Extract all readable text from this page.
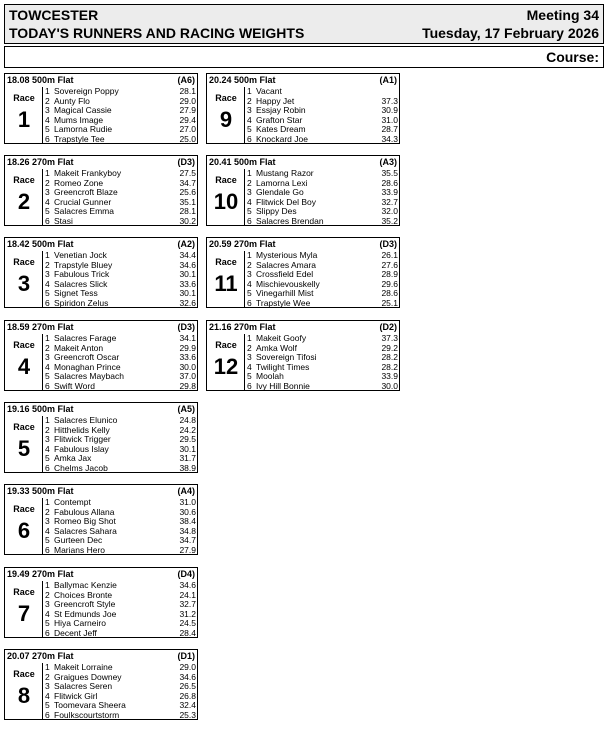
TOWCESTER
TODAY'S RUNNERS AND RACING WEIGHTS
Meeting 34
Tuesday, 17 February 2026
Course:
18.08 500m Flat	(A6)
Race
1
1 Sovereign Poppy	28.1
2 Aunty Flo	29.0
3 Magical Cassie	27.9
4 Mums Image	29.4
5 Lamorna Rudie	27.0
6 Trapstyle Tee	25.0
18.26 270m Flat	(D3)
Race
2
1 Makeit Frankyboy	27.5
2 Romeo Zone	34.7
3 Greencroft Blaze	25.6
4 Crucial Gunner	35.1
5 Salacres Emma	28.1
6 Stasi	30.2
18.42 500m Flat	(A2)
Race
3
1 Venetian Jock	34.4
2 Trapstyle Bluey	34.6
3 Fabulous Trick	30.1
4 Salacres Slick	33.6
5 Signet Tess	30.1
6 Spiridon Zelus	32.6
18.59 270m Flat	(D3)
Race
4
1 Salacres Farage	34.1
2 Makeit Anton	29.9
3 Greencroft Oscar	33.6
4 Monaghan Prince	30.0
5 Salacres Maybach	37.0
6 Swift Word	29.8
19.16 500m Flat	(A5)
Race
5
1 Salacres Elunico	24.8
2 Hitthelids Kelly	24.2
3 Flitwick Trigger	29.5
4 Fabulous Islay	30.1
5 Amka Jax	31.7
6 Chelms Jacob	38.9
19.33 500m Flat	(A4)
Race
6
1 Contempt	31.0
2 Fabulous Allana	30.6
3 Romeo Big Shot	38.4
4 Salacres Sahara	34.8
5 Gurteen Dec	34.7
6 Marians Hero	27.9
19.49 270m Flat	(D4)
Race
7
1 Ballymac Kenzie	34.6
2 Choices Bronte	24.1
3 Greencroft Style	32.7
4 St Edmunds Joe	31.2
5 Hiya Carneiro	24.5
6 Decent Jeff	28.4
20.07 270m Flat	(D1)
Race
8
1 Makeit Lorraine	29.0
2 Graigues Downey	34.6
3 Salacres Seren	26.5
4 Flitwick Girl	26.8
5 Toomevara Sheera	32.4
6 Foulkscourtstorm	25.3
20.24 500m Flat	(A1)
Race
9
1 Vacant
2 Happy Jet	37.3
3 Essjay Robin	30.9
4 Grafton Star	31.0
5 Kates Dream	28.7
6 Knockard Joe	34.3
20.41 500m Flat	(A3)
Race
10
1 Mustang Razor	35.5
2 Lamorna Lexi	28.6
3 Glendale Go	33.9
4 Flitwick Del Boy	32.7
5 Slippy Des	32.0
6 Salacres Brendan	35.2
20.59 270m Flat	(D3)
Race
11
1 Mysterious Myla	26.1
2 Salacres Amara	27.6
3 Crossfield Edel	28.9
4 Mischievouskelly	29.6
5 Vinegarhill Mist	28.6
6 Trapstyle Wee	25.1
21.16 270m Flat	(D2)
Race
12
1 Makeit Goofy	37.3
2 Amka Wolf	29.2
3 Sovereign Tifosi	28.2
4 Twilight Times	28.2
5 Moolah	33.9
6 Ivy Hill Bonnie	30.0
